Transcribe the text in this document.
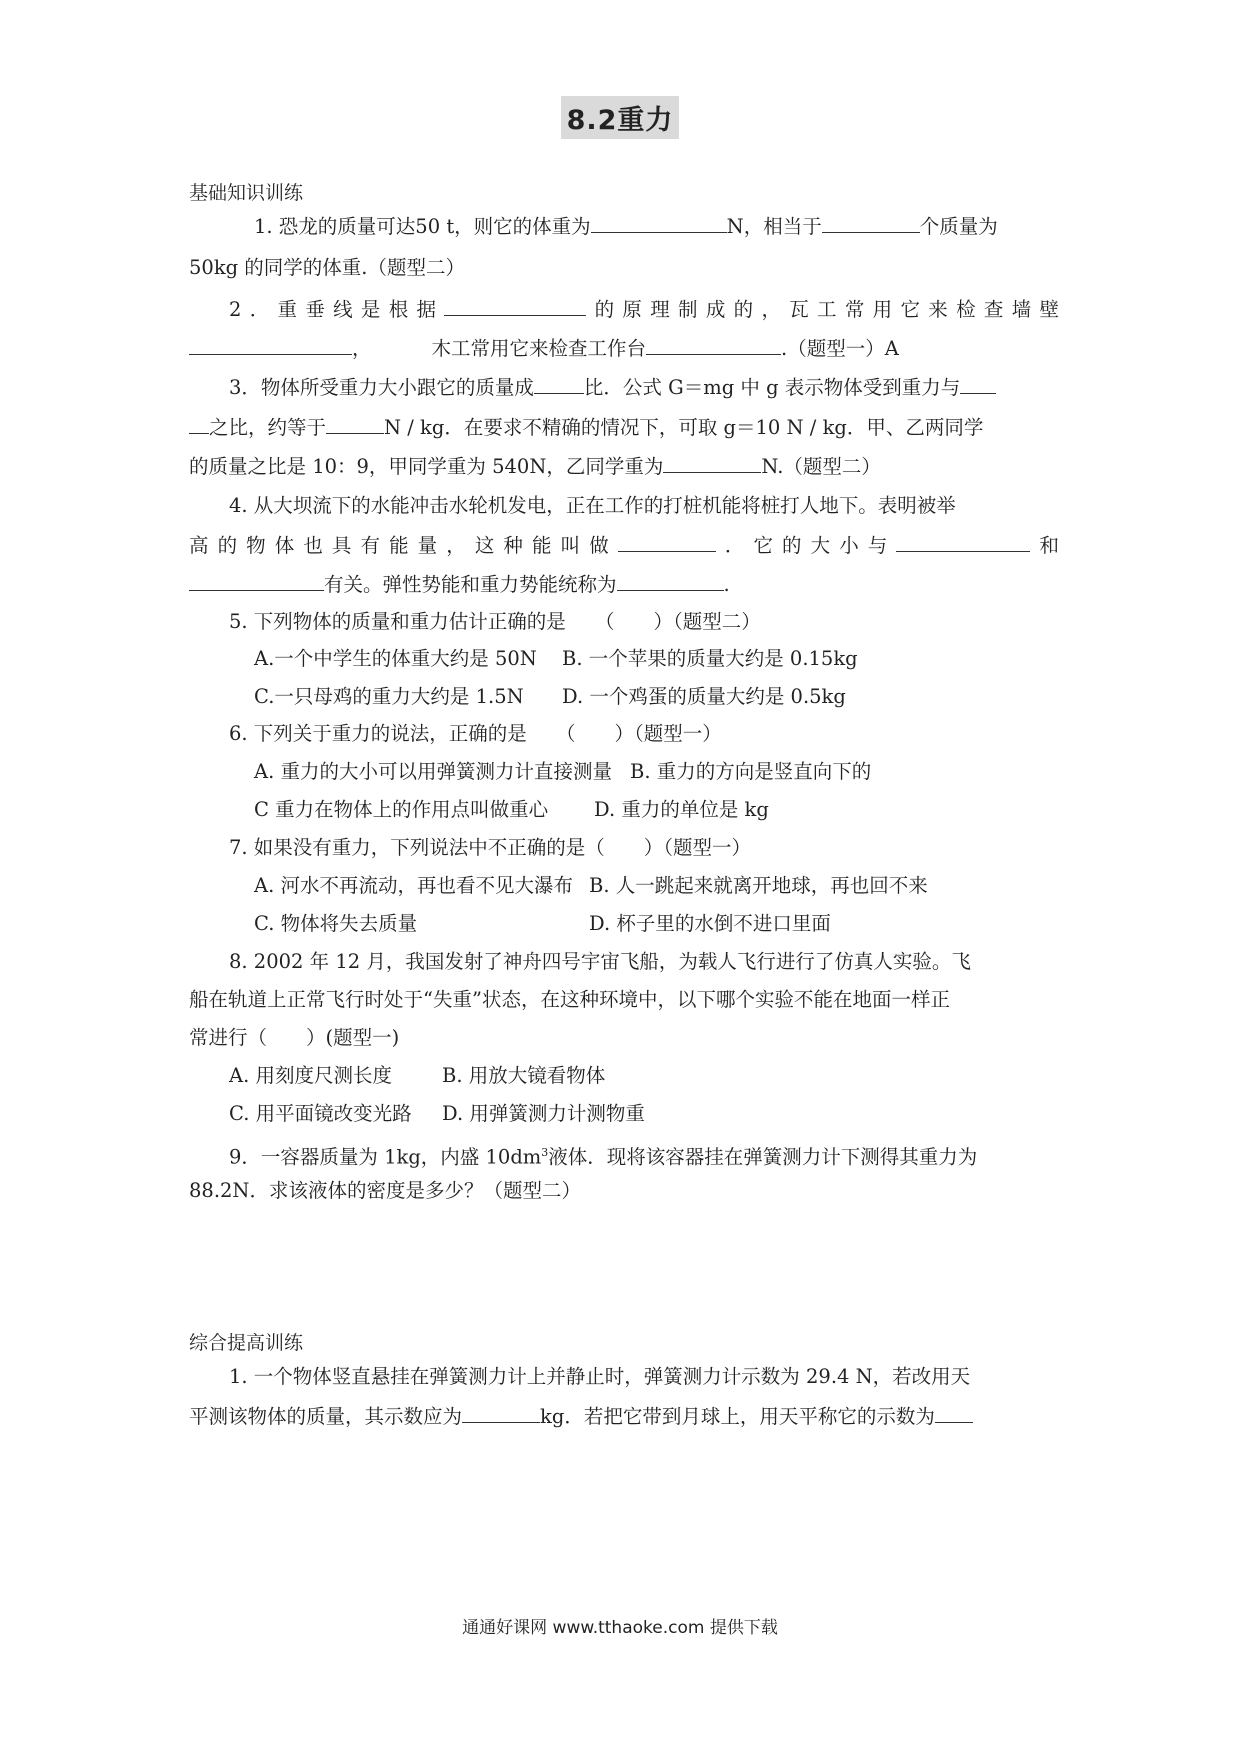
8.2重力
基础知识训练
1. 恐龙的质量可达50 t，则它的体重为	N，相当于	个质量为
50kg 的同学的体重.（题型二）
2．重垂线是根据	的原理制成的，瓦工常用它来检查墙壁
，	木工常用它来检查工作台	.（题型一）A
3．物体所受重力大小跟它的质量成	比．公式 G＝mg 中 g 表示物体受到重力与
之比，约等于	N / kg．在要求不精确的情况下，可取 g＝10 N / kg．甲、乙两同学
的质量之比是 10：9，甲同学重为 540N，乙同学重为	N.（题型二）
4. 从大坝流下的水能冲击水轮机发电，正在工作的打桩机能将桩打人地下。表明被举
高的物体也具有能量，这种能叫做	．它的大小与	和
有关。弹性势能和重力势能统称为	.
5. 下列物体的质量和重力估计正确的是　　（　　）（题型二）
A.一个中学生的体重大约是 50N B. 一个苹果的质量大约是 0.15kg
C.一只母鸡的重力大约是 1.5N D. 一个鸡蛋的质量大约是 0.5kg
6. 下列关于重力的说法，正确的是　　（　　）（题型一）
A. 重力的大小可以用弹簧测力计直接测量 B. 重力的方向是竖直向下的
C 重力在物体上的作用点叫做重心 D. 重力的单位是 kg
7. 如果没有重力，下列说法中不正确的是（　　）（题型一）
A. 河水不再流动，再也看不见大瀑布 B. 人一跳起来就离开地球，再也回不来
C. 物体将失去质量	D. 杯子里的水倒不进口里面
8. 2002 年 12 月，我国发射了神舟四号宇宙飞船，为载人飞行进行了仿真人实验。飞
船在轨道上正常飞行时处于“失重”状态，在这种环境中，以下哪个实验不能在地面一样正
常进行（　　）(题型一)
A. 用刻度尺测长度	B. 用放大镜看物体
C. 用平面镜改变光路 D. 用弹簧测力计测物重
9．一容器质量为 1kg，内盛 $10dm^3$液体．现将该容器挂在弹簧测力计下测得其重力为
88.2N．求该液体的密度是多少？（题型二）
综合提高训练
1. 一个物体竖直悬挂在弹簧测力计上并静止时，弹簧测力计示数为 29.4 N，若改用天
平测该物体的质量，其示数应为	kg．若把它带到月球上，用天平称它的示数为
通通好课网 www.tthaoke.com 提供下载
